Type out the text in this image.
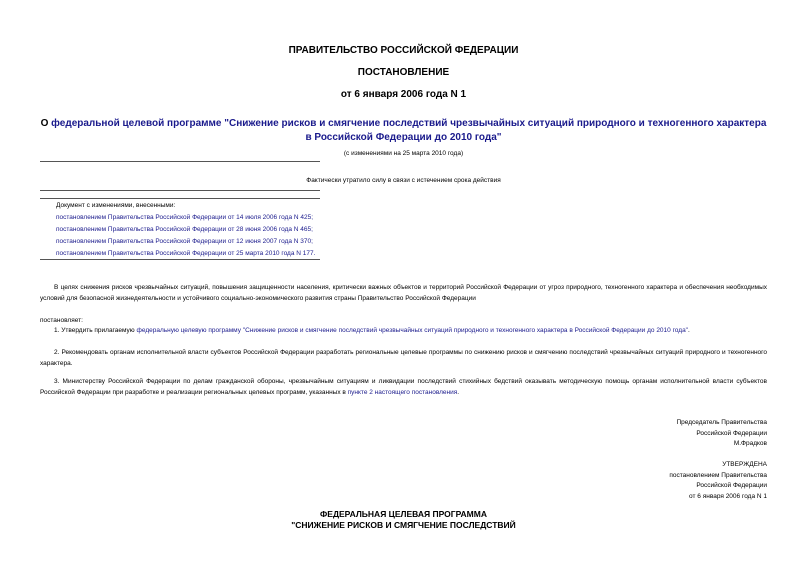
ПРАВИТЕЛЬСТВО РОССИЙСКОЙ ФЕДЕРАЦИИ
ПОСТАНОВЛЕНИЕ
от 6 января 2006 года N 1
О федеральной целевой программе "Снижение рисков и смягчение последствий чрезвычайных ситуаций природного и техногенного характера в Российской Федерации до 2010 года"
(с изменениями на 25 марта 2010 года)
Фактически утратило силу в связи с истечением срока действия
Документ с изменениями, внесенными:
постановлением Правительства Российской Федерации от 14 июля 2006 года N 425;
постановлением Правительства Российской Федерации от 28 июня 2006 года N 465;
постановлением Правительства Российской Федерации от 12 июня 2007 года N 370;
постановлением Правительства Российской Федерации от 25 марта 2010 года N 177.
В целях снижения рисков чрезвычайных ситуаций, повышения защищенности населения, критически важных объектов и территорий Российской Федерации от угроз природного, техногенного характера и обеспечения необходимых условий для безопасной жизнедеятельности и устойчивого социально-экономического развития страны Правительство Российской Федерации
постановляет:
1. Утвердить прилагаемую федеральную целевую программу "Снижение рисков и смягчение последствий чрезвычайных ситуаций природного и техногенного характера в Российской Федерации до 2010 года".
2. Рекомендовать органам исполнительной власти субъектов Российской Федерации разработать региональные целевые программы по снижению рисков и смягчению последствий чрезвычайных ситуаций природного и техногенного характера.
3. Министерству Российской Федерации по делам гражданской обороны, чрезвычайным ситуациям и ликвидации последствий стихийных бедствий оказывать методическую помощь органам исполнительной власти субъектов Российской Федерации при разработке и реализации региональных целевых программ, указанных в пункте 2 настоящего постановления.
Председатель Правительства
Российской Федерации
М.Фрадков
УТВЕРЖДЕНА
постановлением Правительства
Российской Федерации
от 6 января 2006 года N 1
ФЕДЕРАЛЬНАЯ ЦЕЛЕВАЯ ПРОГРАММА
"СНИЖЕНИЕ РИСКОВ И СМЯГЧЕНИЕ ПОСЛЕДСТВИЙ
